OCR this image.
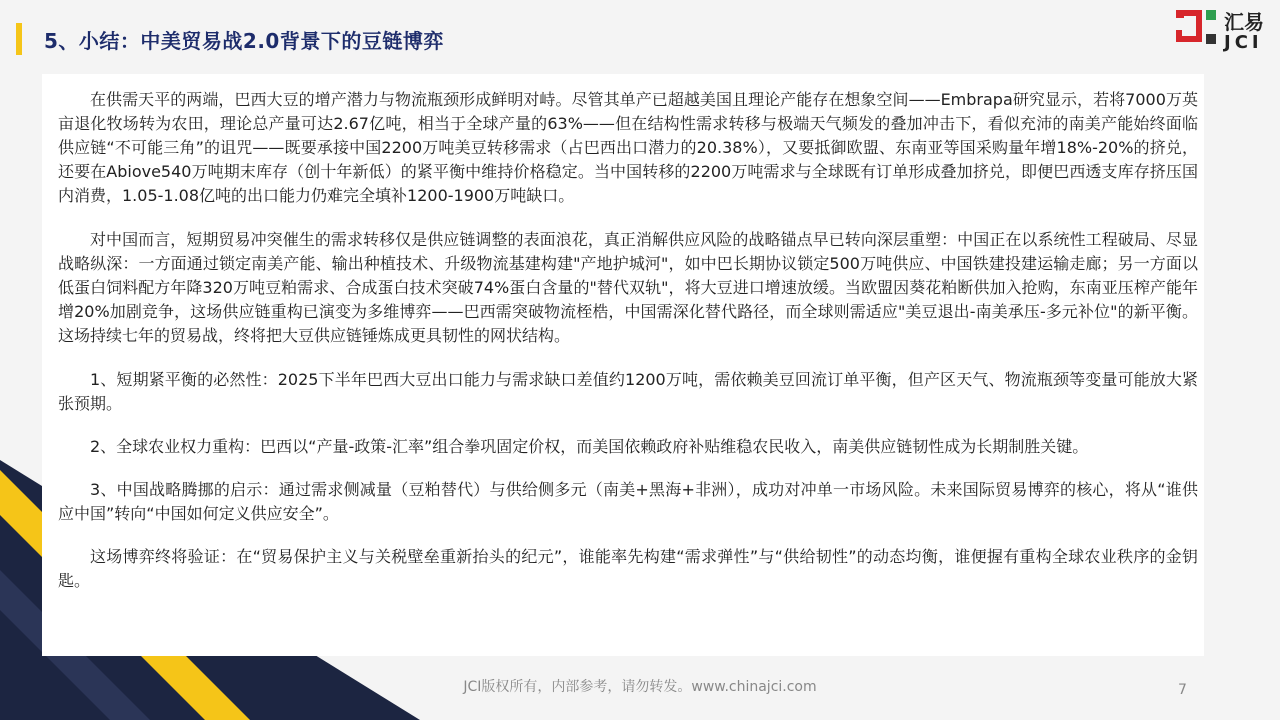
5、小结：中美贸易战2.0背景下的豆链博弈
汇易
JCI

在供需天平的两端，巴西大豆的增产潜力与物流瓶颈形成鲜明对峙。尽管其单产已超越美国且理论产能存在想象空间——Embrapa研究显示，若将7000万英亩退化牧场转为农田，理论总产量可达2.67亿吨，相当于全球产量的63%——但在结构性需求转移与极端天气频发的叠加冲击下，看似充沛的南美产能始终面临供应链“不可能三角”的诅咒——既要承接中国2200万吨美豆转移需求（占巴西出口潜力的20.38%），又要抵御欧盟、东南亚等国采购量年增18%-20%的挤兑，还要在Abiove540万吨期末库存（创十年新低）的紧平衡中维持价格稳定。当中国转移的2200万吨需求与全球既有订单形成叠加挤兑，即便巴西透支库存挤压国内消费，1.05-1.08亿吨的出口能力仍难完全填补1200-1900万吨缺口。

对中国而言，短期贸易冲突催生的需求转移仅是供应链调整的表面浪花，真正消解供应风险的战略锚点早已转向深层重塑：中国正在以系统性工程破局、尽显战略纵深：一方面通过锁定南美产能、输出种植技术、升级物流基建构建"产地护城河"，如中巴长期协议锁定500万吨供应、中国铁建投建运输走廊；另一方面以低蛋白饲料配方年降320万吨豆粕需求、合成蛋白技术突破74%蛋白含量的"替代双轨"，将大豆进口增速放缓。当欧盟因葵花粕断供加入抢购，东南亚压榨产能年增20%加剧竞争，这场供应链重构已演变为多维博弈——巴西需突破物流桎梏，中国需深化替代路径，而全球则需适应"美豆退出-南美承压-多元补位"的新平衡。这场持续七年的贸易战，终将把大豆供应链锤炼成更具韧性的网状结构。

1、短期紧平衡的必然性：2025下半年巴西大豆出口能力与需求缺口差值约1200万吨，需依赖美豆回流订单平衡，但产区天气、物流瓶颈等变量可能放大紧张预期。

2、全球农业权力重构：巴西以“产量-政策-汇率”组合拳巩固定价权，而美国依赖政府补贴维稳农民收入，南美供应链韧性成为长期制胜关键。

3、中国战略腾挪的启示：通过需求侧减量（豆粕替代）与供给侧多元（南美+黑海+非洲），成功对冲单一市场风险。未来国际贸易博弈的核心，将从“谁供应中国”转向“中国如何定义供应安全”。

这场博弈终将验证：在“贸易保护主义与关税壁垒重新抬头的纪元”，谁能率先构建“需求弹性”与“供给韧性”的动态均衡，谁便握有重构全球农业秩序的金钥匙。

JCI版权所有，内部参考，请勿转发。www.chinajci.com	7
